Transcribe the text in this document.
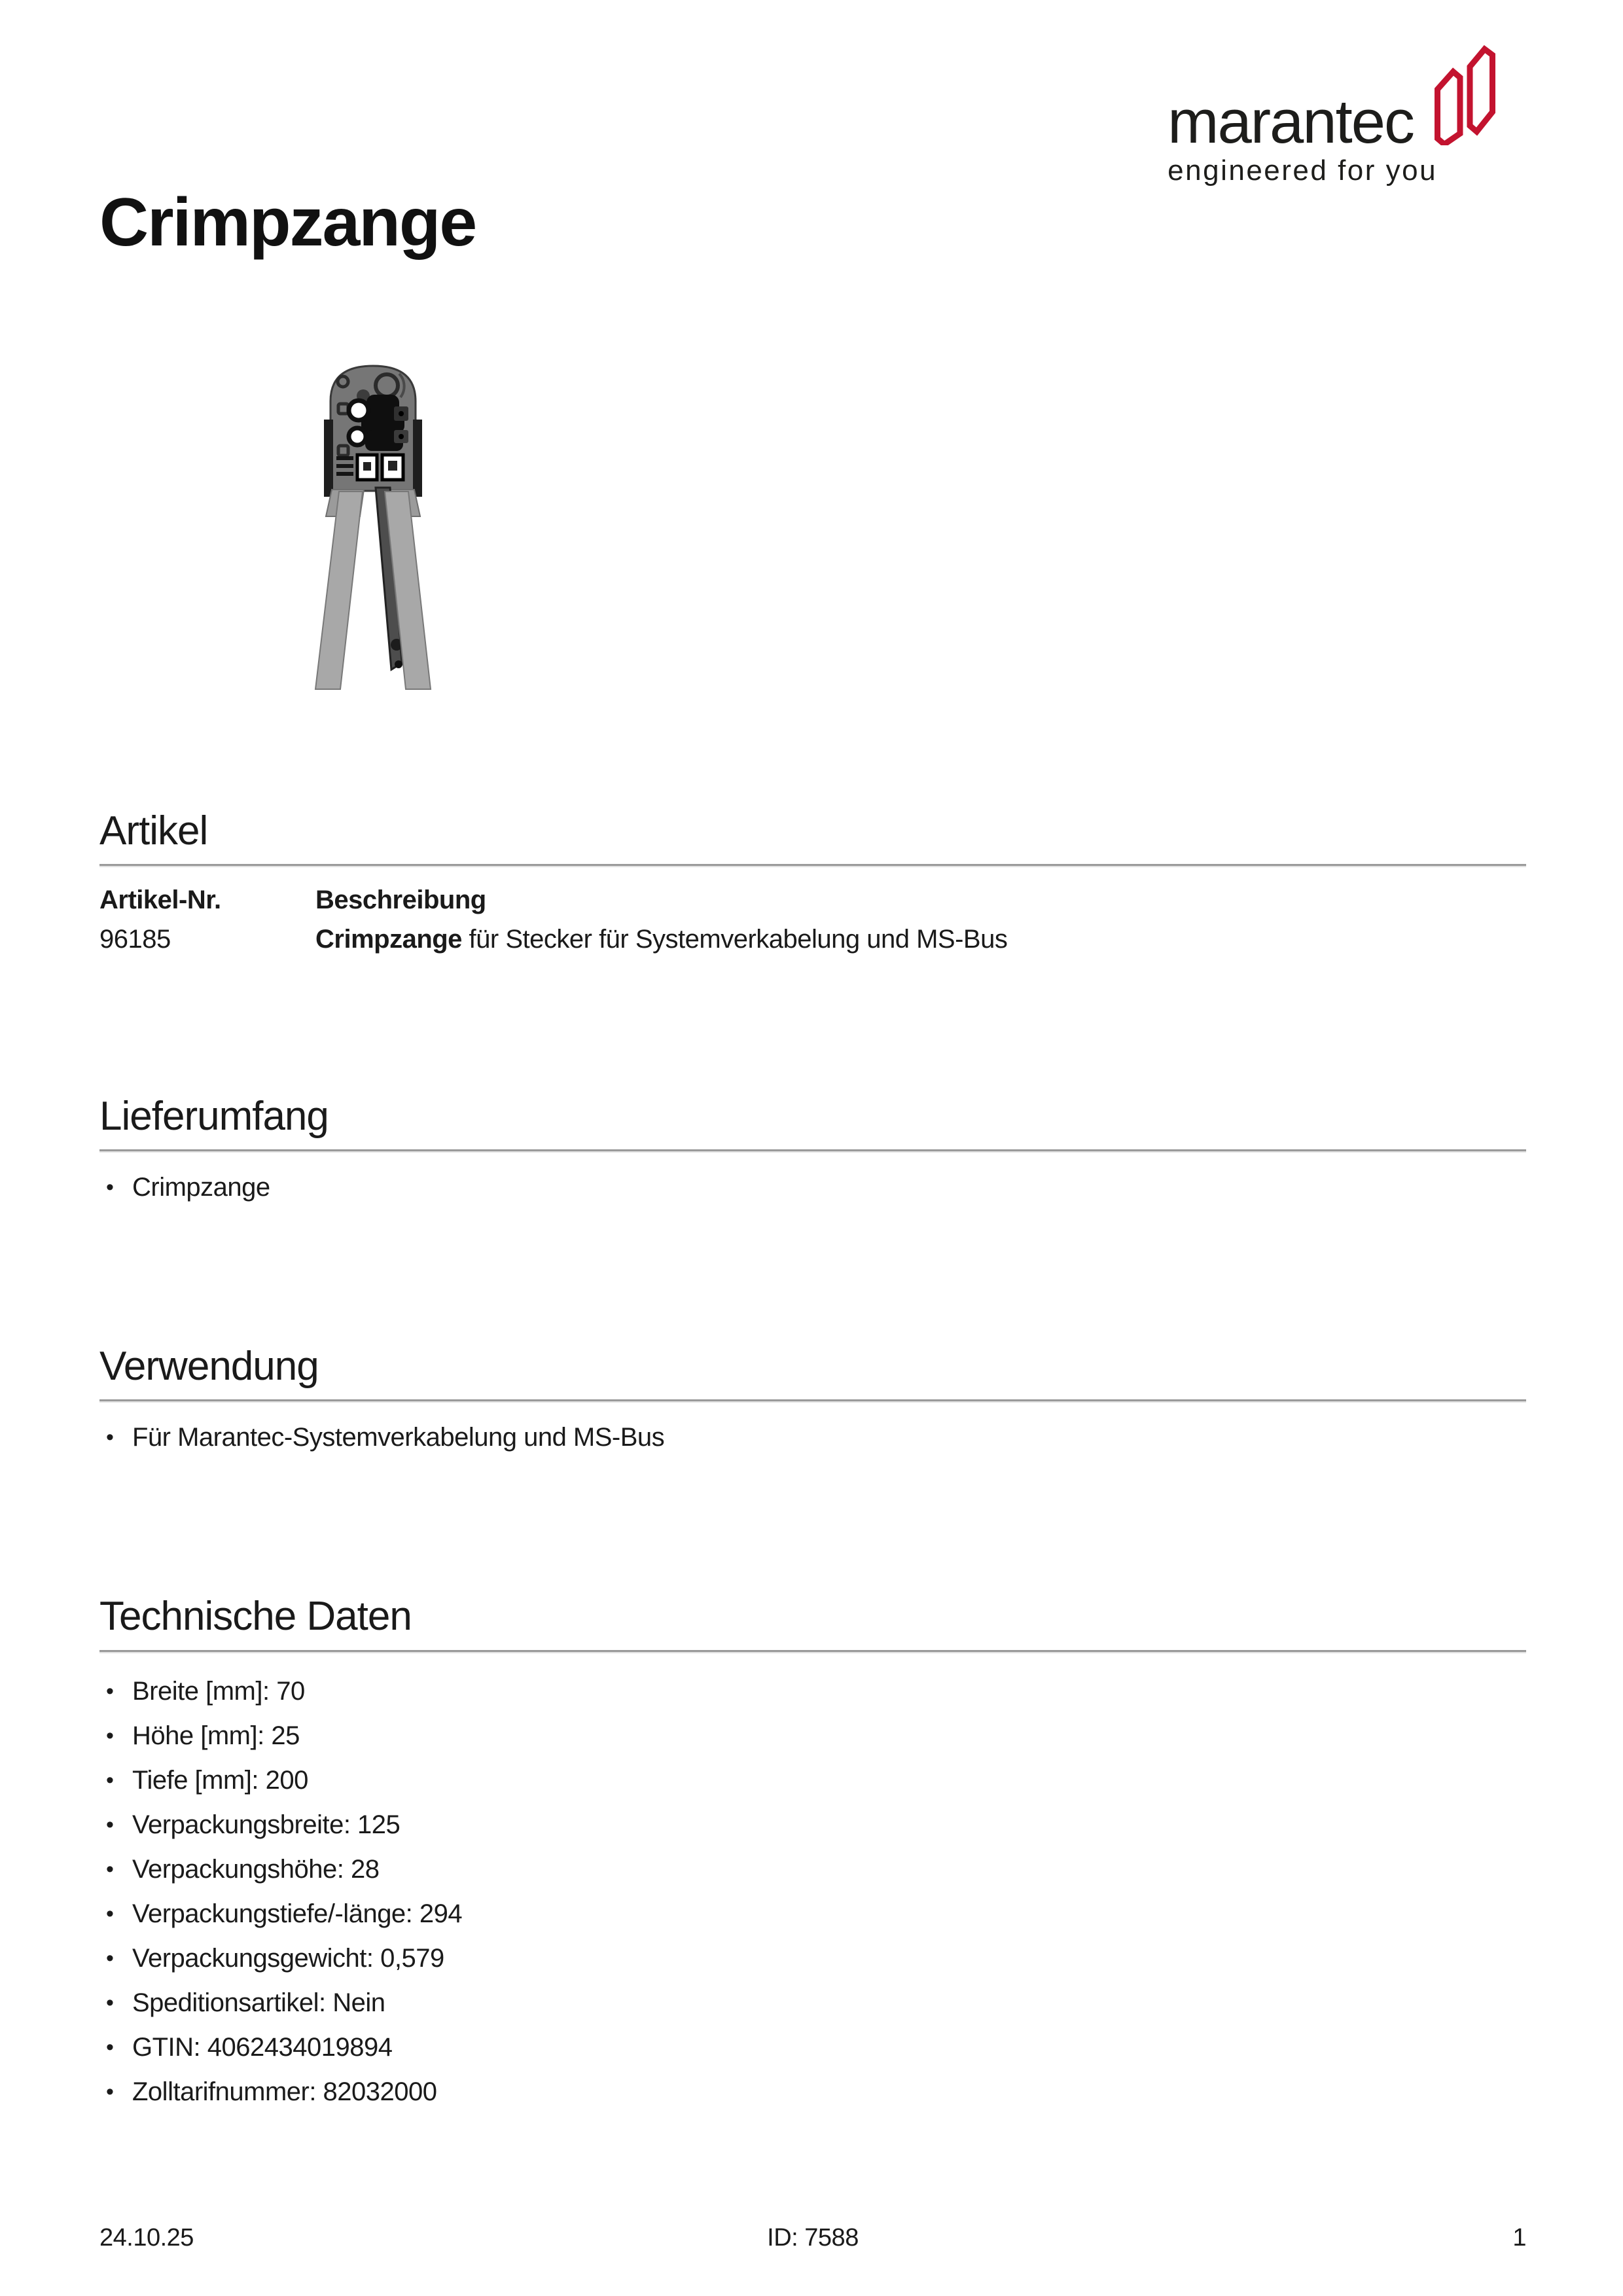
marantec
engineered for you
Crimpzange
Artikel
Artikel-Nr.	Beschreibung
96185	Crimpzange für Stecker für Systemverkabelung und MS-Bus
Lieferumfang
• Crimpzange
Verwendung
• Für Marantec-Systemverkabelung und MS-Bus
Technische Daten
• Breite [mm]: 70
• Höhe [mm]: 25
• Tiefe [mm]: 200
• Verpackungsbreite: 125
• Verpackungshöhe: 28
• Verpackungstiefe/-länge: 294
• Verpackungsgewicht: 0,579
• Speditionsartikel: Nein
• GTIN: 4062434019894
• Zolltarifnummer: 82032000
24.10.25	ID: 7588	1
